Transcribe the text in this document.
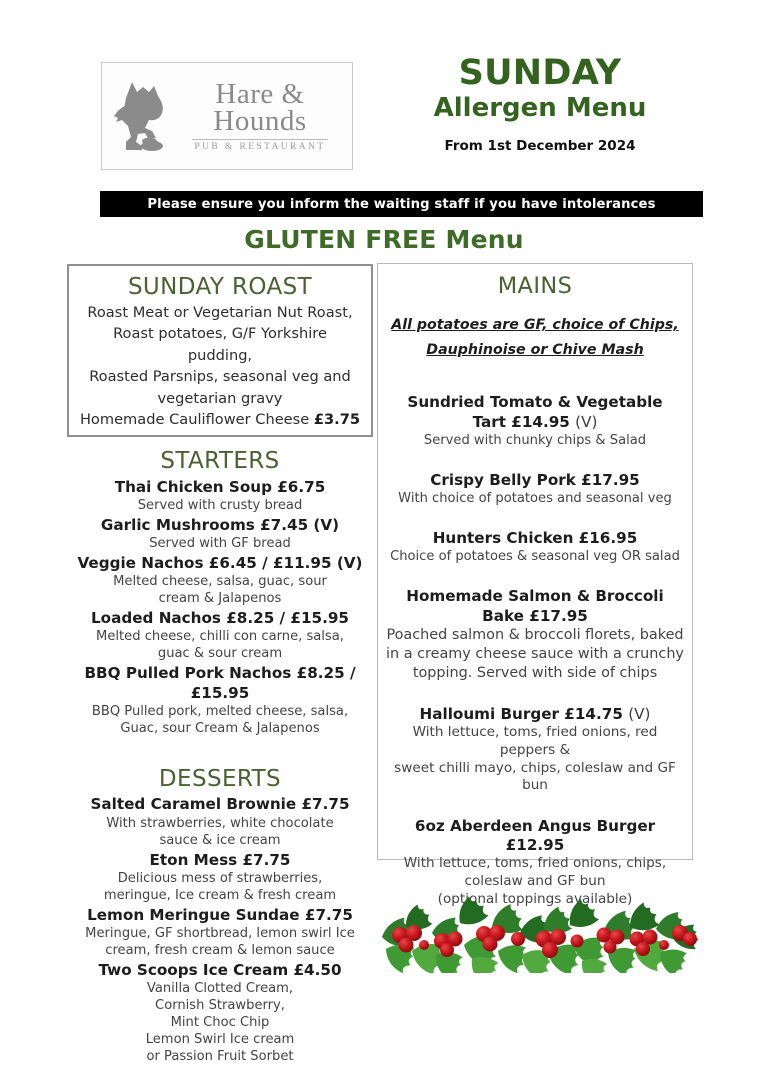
Hare &
Hounds
PUB & RESTAURANT
SUNDAY
Allergen Menu
From 1st December 2024
Please ensure you inform the waiting staff if you have intolerances
GLUTEN FREE Menu
SUNDAY ROAST
Roast Meat or Vegetarian Nut Roast,
Roast potatoes, G/F Yorkshire pudding,
Roasted Parsnips, seasonal veg and
vegetarian gravy
Homemade Cauliflower Cheese £3.75
STARTERS
Thai Chicken Soup £6.75
Served with crusty bread
Garlic Mushrooms £7.45 (V)
Served with GF bread
Veggie Nachos £6.45 / £11.95 (V)
Melted cheese, salsa, guac, sour
cream & Jalapenos
Loaded Nachos £8.25 / £15.95
Melted cheese, chilli con carne, salsa,
guac & sour cream
BBQ Pulled Pork Nachos £8.25 / £15.95
BBQ Pulled pork, melted cheese, salsa,
Guac, sour Cream & Jalapenos
DESSERTS
Salted Caramel Brownie £7.75
With strawberries, white chocolate
sauce & ice cream
Eton Mess £7.75
Delicious mess of strawberries,
meringue, Ice cream & fresh cream
Lemon Meringue Sundae £7.75
Meringue, GF shortbread, lemon swirl Ice
cream, fresh cream & lemon sauce
Two Scoops Ice Cream £4.50
Vanilla Clotted Cream,
Cornish Strawberry,
Mint Choc Chip
Lemon Swirl Ice cream
or Passion Fruit Sorbet
MAINS
All potatoes are GF, choice of Chips,
Dauphinoise or Chive Mash
Sundried Tomato & Vegetable
Tart £14.95 (V)
Served with chunky chips & Salad
Crispy Belly Pork £17.95
With choice of potatoes and seasonal veg
Hunters Chicken £16.95
Choice of potatoes & seasonal veg OR salad
Homemade Salmon & Broccoli Bake £17.95
Poached salmon & broccoli florets, baked
in a creamy cheese sauce with a crunchy
topping. Served with side of chips
Halloumi Burger £14.75 (V)
With lettuce, toms, fried onions, red peppers &
sweet chilli mayo, chips, coleslaw and GF bun
6oz Aberdeen Angus Burger £12.95
With lettuce, toms, fried onions, chips,
coleslaw and GF bun
(optional toppings available)
